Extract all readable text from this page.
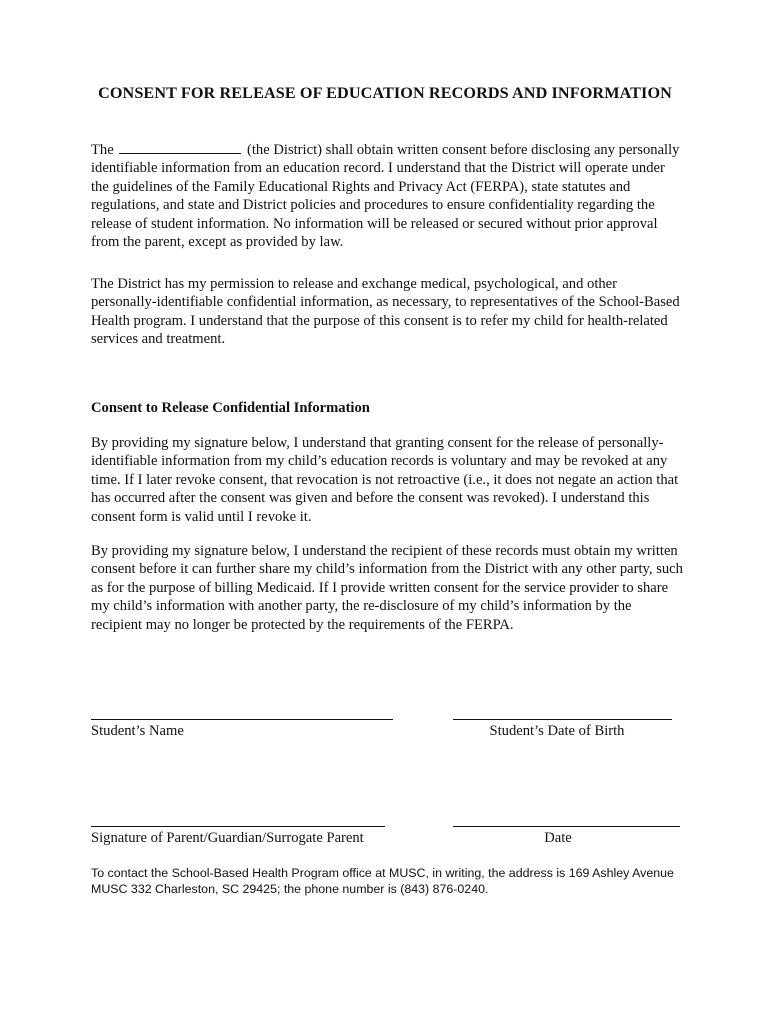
CONSENT FOR RELEASE OF EDUCATION RECORDS AND INFORMATION

The	(the District) shall obtain written consent before disclosing any personally identifiable information from an education record. I understand that the District will operate under the guidelines of the Family Educational Rights and Privacy Act (FERPA), state statutes and regulations, and state and District policies and procedures to ensure confidentiality regarding the release of student information. No information will be released or secured without prior approval from the parent, except as provided by law.

The District has my permission to release and exchange medical, psychological, and other personally-identifiable confidential information, as necessary, to representatives of the School-Based Health program. I understand that the purpose of this consent is to refer my child for health-related services and treatment.

Consent to Release Confidential Information

By providing my signature below, I understand that granting consent for the release of personally-identifiable information from my child’s education records is voluntary and may be revoked at any time. If I later revoke consent, that revocation is not retroactive (i.e., it does not negate an action that has occurred after the consent was given and before the consent was revoked). I understand this consent form is valid until I revoke it.

By providing my signature below, I understand the recipient of these records must obtain my written consent before it can further share my child’s information from the District with any other party, such as for the purpose of billing Medicaid. If I provide written consent for the service provider to share my child’s information with another party, the re-disclosure of my child’s information by the recipient may no longer be protected by the requirements of the FERPA.

Student’s Name	Student’s Date of Birth
Signature of Parent/Guardian/Surrogate Parent	Date

To contact the School-Based Health Program office at MUSC, in writing, the address is 169 Ashley Avenue MUSC 332 Charleston, SC 29425; the phone number is (843) 876-0240.
